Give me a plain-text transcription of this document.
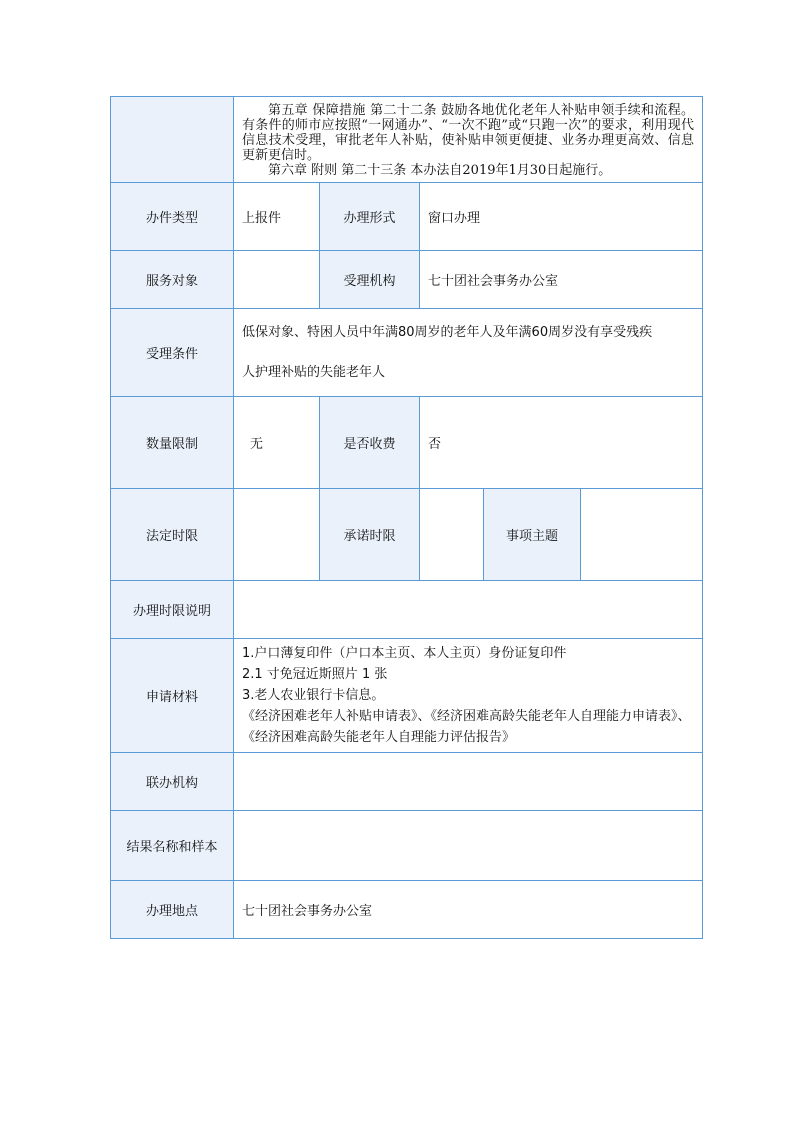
	第五章 保障措施 第二十二条 鼓励各地优化老年人补贴申领手续和流程。有条件的师市应按照“一网通办”、“一次不跑”或“只跑一次”的要求，利用现代信息技术受理，审批老年人补贴，使补贴申领更便捷、业务办理更高效、信息更新更信时。

第六章 附则 第二十三条 本办法自2019年1月30日起施行。				

办件类型	上报件	办理形式	窗口办理		
服务对象		受理机构	七十团社会事务办公室		
受理条件	低保对象、特困人员中年满80周岁的老年人及年满60周岁没有享受残疾

人护理补贴的失能老年人				

数量限制	无	是否收费	否		
法定时限		承诺时限		事项主题	
办理时限说明					
申请材料	1.户口薄复印件（户口本主页、本人主页）身份证复印件
2.1 寸免冠近斯照片 1 张
3.老人农业银行卡信息。
《经济困难老年人补贴申请表》、《经济困难高龄失能老年人自理能力申请表》、《经济困难高龄失能老年人自理能力评估报告》				

联办机构					
结果名称和样本					
办理地点	七十团社会事务办公室				
